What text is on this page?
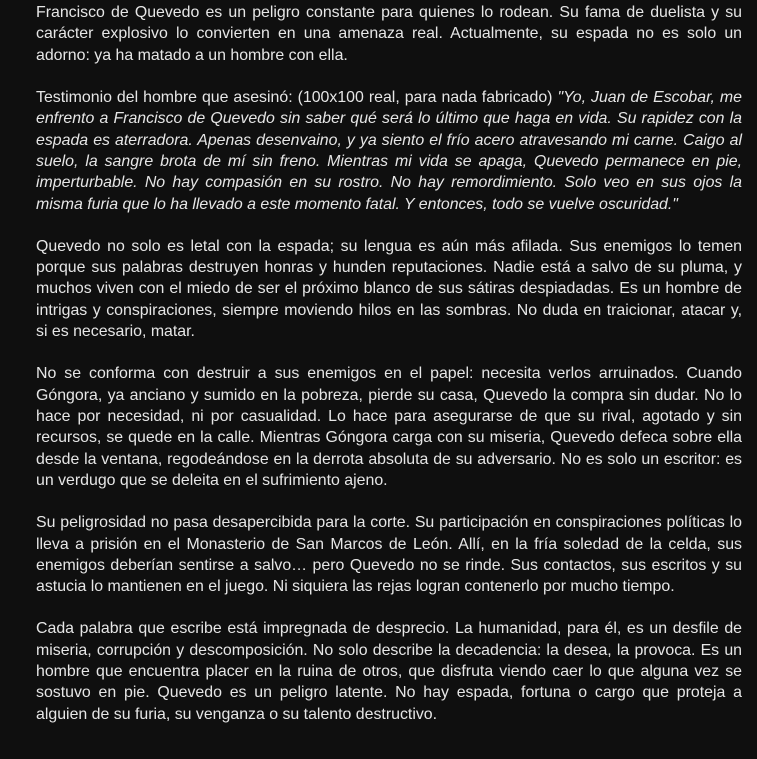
Francisco de Quevedo es un peligro constante para quienes lo rodean. Su fama de duelista y su carácter explosivo lo convierten en una amenaza real. Actualmente, su espada no es solo un adorno: ya ha matado a un hombre con ella.

Testimonio del hombre que asesinó: (100x100 real, para nada fabricado) "Yo, Juan de Escobar, me enfrento a Francisco de Quevedo sin saber qué será lo último que haga en vida. Su rapidez con la espada es aterradora. Apenas desenvaino, y ya siento el frío acero atravesando mi carne. Caigo al suelo, la sangre brota de mí sin freno. Mientras mi vida se apaga, Quevedo permanece en pie, imperturbable. No hay compasión en su rostro. No hay remordimiento. Solo veo en sus ojos la misma furia que lo ha llevado a este momento fatal. Y entonces, todo se vuelve oscuridad."

Quevedo no solo es letal con la espada; su lengua es aún más afilada. Sus enemigos lo temen porque sus palabras destruyen honras y hunden reputaciones. Nadie está a salvo de su pluma, y muchos viven con el miedo de ser el próximo blanco de sus sátiras despiadadas. Es un hombre de intrigas y conspiraciones, siempre moviendo hilos en las sombras. No duda en traicionar, atacar y, si es necesario, matar.

No se conforma con destruir a sus enemigos en el papel: necesita verlos arruinados. Cuando Góngora, ya anciano y sumido en la pobreza, pierde su casa, Quevedo la compra sin dudar. No lo hace por necesidad, ni por casualidad. Lo hace para asegurarse de que su rival, agotado y sin recursos, se quede en la calle. Mientras Góngora carga con su miseria, Quevedo defeca sobre ella desde la ventana, regodeándose en la derrota absoluta de su adversario. No es solo un escritor: es un verdugo que se deleita en el sufrimiento ajeno.

Su peligrosidad no pasa desapercibida para la corte. Su participación en conspiraciones políticas lo lleva a prisión en el Monasterio de San Marcos de León. Allí, en la fría soledad de la celda, sus enemigos deberían sentirse a salvo… pero Quevedo no se rinde. Sus contactos, sus escritos y su astucia lo mantienen en el juego. Ni siquiera las rejas logran contenerlo por mucho tiempo.

Cada palabra que escribe está impregnada de desprecio. La humanidad, para él, es un desfile de miseria, corrupción y descomposición. No solo describe la decadencia: la desea, la provoca. Es un hombre que encuentra placer en la ruina de otros, que disfruta viendo caer lo que alguna vez se sostuvo en pie. Quevedo es un peligro latente. No hay espada, fortuna o cargo que proteja a alguien de su furia, su venganza o su talento destructivo.
